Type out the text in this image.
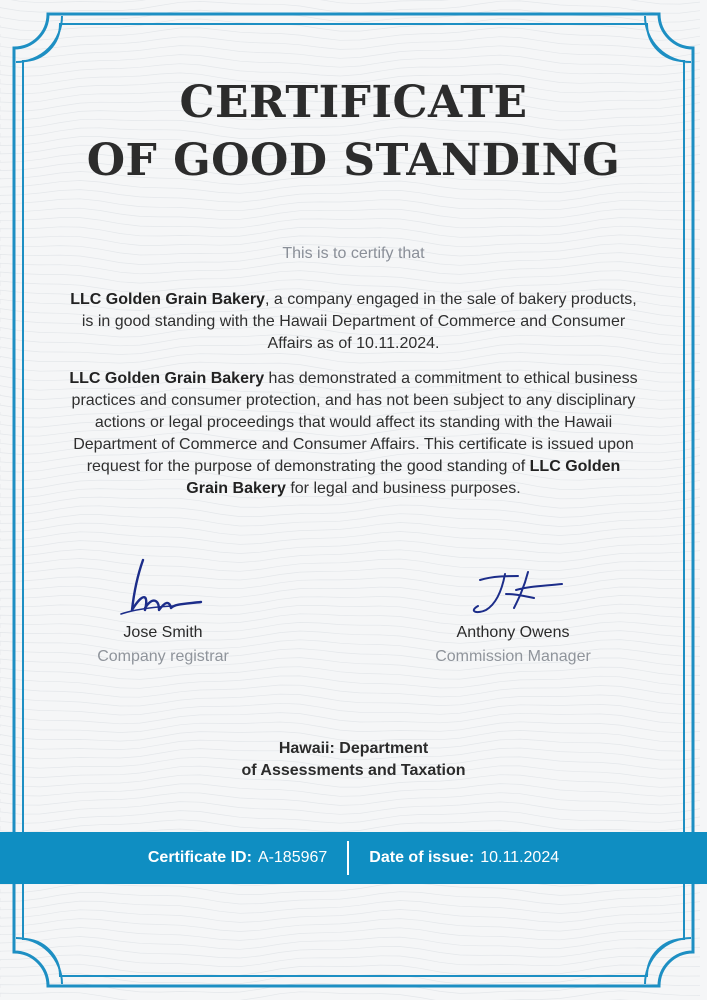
CERTIFICATE
OF GOOD STANDING
This is to certify that

LLC Golden Grain Bakery, a company engaged in the sale of bakery products, is in good standing with the Hawaii Department of Commerce and Consumer Affairs as of 10.11.2024.

LLC Golden Grain Bakery has demonstrated a commitment to ethical business practices and consumer protection, and has not been subject to any disciplinary actions or legal proceedings that would affect its standing with the Hawaii Department of Commerce and Consumer Affairs. This certificate is issued upon request for the purpose of demonstrating the good standing of LLC Golden Grain Bakery for legal and business purposes.

Jose Smith
Company registrar
Anthony Owens
Commission Manager
Hawaii: Department
of Assessments and Taxation
Certificate ID: A-185967	Date of issue: 10.11.2024
